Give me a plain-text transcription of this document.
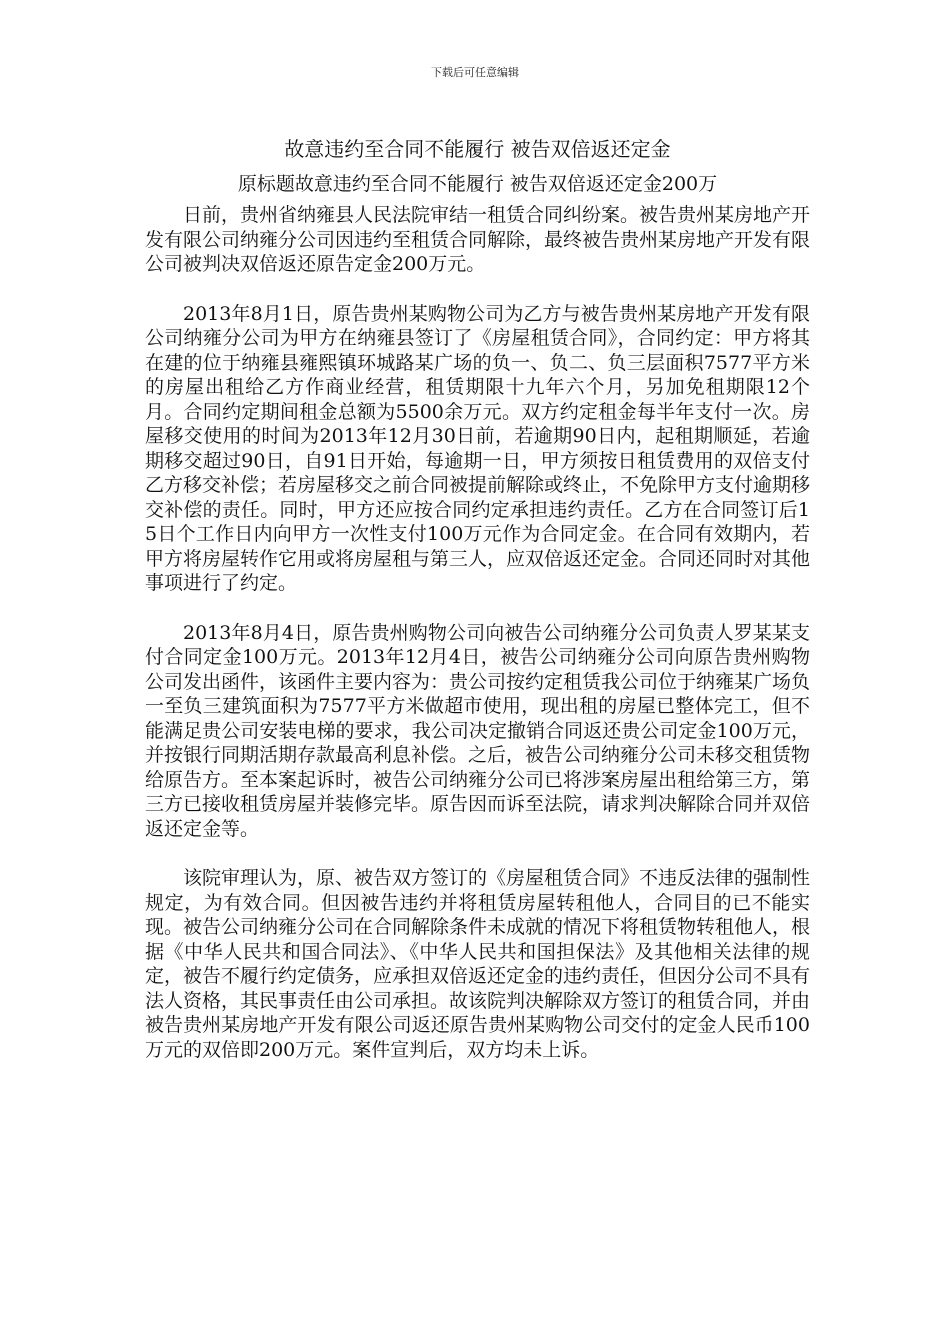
下载后可任意编辑
故意违约至合同不能履行 被告双倍返还定金
原标题故意违约至合同不能履行 被告双倍返还定金200万

日前，贵州省纳雍县人民法院审结一租赁合同纠纷案。被告贵州某房地产开发有限公司纳雍分公司因违约至租赁合同解除，最终被告贵州某房地产开发有限公司被判决双倍返还原告定金200万元。

2013年8月1日，原告贵州某购物公司为乙方与被告贵州某房地产开发有限公司纳雍分公司为甲方在纳雍县签订了《房屋租赁合同》，合同约定：甲方将其在建的位于纳雍县雍熙镇环城路某广场的负一、负二、负三层面积7577平方米的房屋出租给乙方作商业经营，租赁期限十九年六个月，另加免租期限12个月。合同约定期间租金总额为5500余万元。双方约定租金每半年支付一次。房屋移交使用的时间为2013年12月30日前，若逾期90日内，起租期顺延，若逾期移交超过90日，自91日开始，每逾期一日，甲方须按日租赁费用的双倍支付乙方移交补偿；若房屋移交之前合同被提前解除或终止，不免除甲方支付逾期移交补偿的责任。同时，甲方还应按合同约定承担违约责任。乙方在合同签订后15日个工作日内向甲方一次性支付100万元作为合同定金。在合同有效期内，若甲方将房屋转作它用或将房屋租与第三人，应双倍返还定金。合同还同时对其他事项进行了约定。

2013年8月4日，原告贵州购物公司向被告公司纳雍分公司负责人罗某某支付合同定金100万元。2013年12月4日，被告公司纳雍分公司向原告贵州购物公司发出函件，该函件主要内容为：贵公司按约定租赁我公司位于纳雍某广场负一至负三建筑面积为7577平方米做超市使用，现出租的房屋已整体完工，但不能满足贵公司安装电梯的要求，我公司决定撤销合同返还贵公司定金100万元，并按银行同期活期存款最高利息补偿。之后，被告公司纳雍分公司未移交租赁物给原告方。至本案起诉时，被告公司纳雍分公司已将涉案房屋出租给第三方，第三方已接收租赁房屋并装修完毕。原告因而诉至法院，请求判决解除合同并双倍返还定金等。

该院审理认为，原、被告双方签订的《房屋租赁合同》不违反法律的强制性规定，为有效合同。但因被告违约并将租赁房屋转租他人，合同目的已不能实现。被告公司纳雍分公司在合同解除条件未成就的情况下将租赁物转租他人，根据《中华人民共和国合同法》、《中华人民共和国担保法》及其他相关法律的规定，被告不履行约定债务，应承担双倍返还定金的违约责任，但因分公司不具有法人资格，其民事责任由公司承担。故该院判决解除双方签订的租赁合同，并由被告贵州某房地产开发有限公司返还原告贵州某购物公司交付的定金人民币100万元的双倍即200万元。案件宣判后，双方均未上诉。
